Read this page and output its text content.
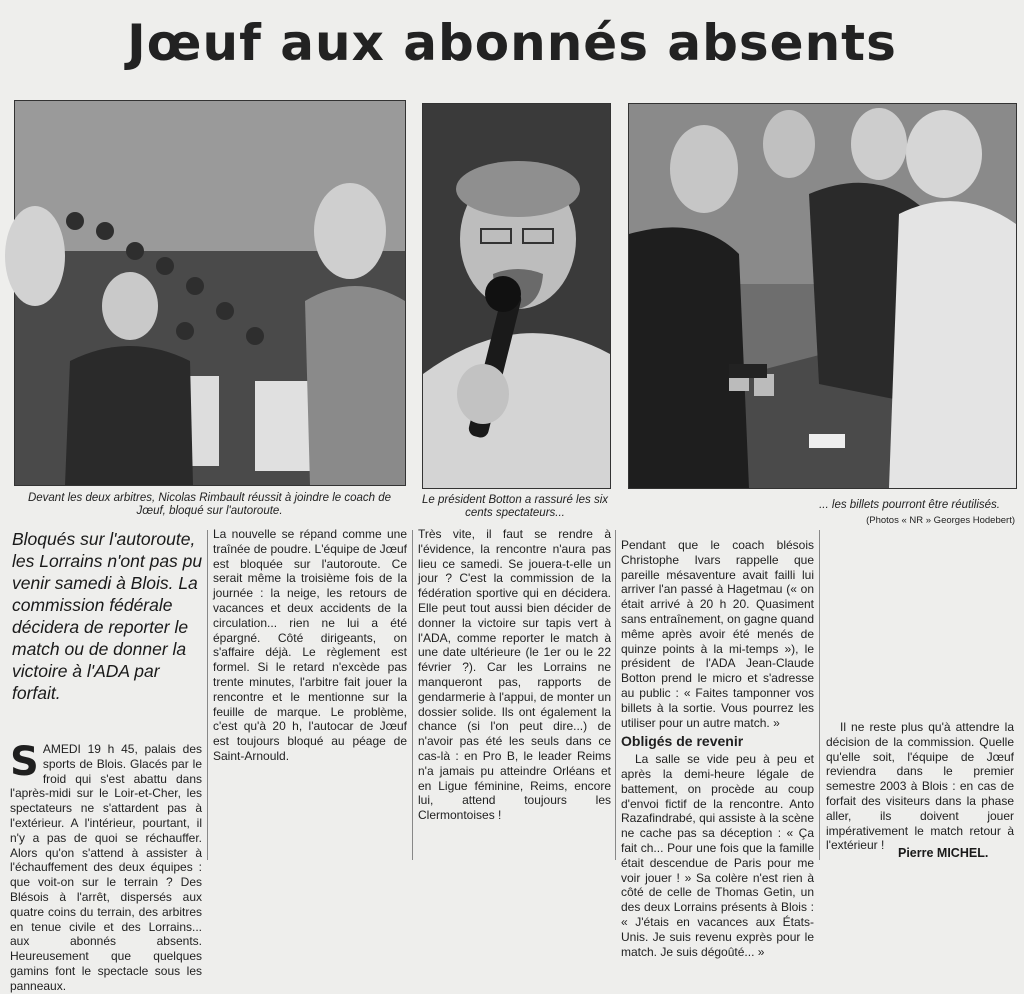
Jœuf aux abonnés absents
Devant les deux arbitres, Nicolas Rimbault réussit à joindre le coach de Jœuf, bloqué sur l'autoroute.
Le président Botton a rassuré les six cents spectateurs...
... les billets pourront être réutilisés.
(Photos « NR » Georges Hodebert)
Bloqués sur l'autoroute, les Lorrains n'ont pas pu venir samedi à Blois. La commission fédérale décidera de reporter le match ou de donner la victoire à l'ADA par forfait.
S AMEDI 19 h 45, palais des sports de Blois. Glacés par le froid qui s'est abattu dans l'après-midi sur le Loir-et-Cher, les spectateurs ne s'attardent pas à l'extérieur. A l'intérieur, pourtant, il n'y a pas de quoi se réchauffer. Alors qu'on s'attend à assister à l'échauffement des deux équipes : que voit-on sur le terrain ? Des Blésois à l'arrêt, dispersés aux quatre coins du terrain, des arbitres en tenue civile et des Lorrains... aux abonnés absents. Heureusement que quelques gamins font le spectacle sous les panneaux.

La nouvelle se répand comme une traînée de poudre. L'équipe de Jœuf est bloquée sur l'autoroute. Ce serait même la troisième fois de la journée : la neige, les retours de vacances et deux accidents de la circulation... rien ne lui a été épargné. Côté dirigeants, on s'affaire déjà. Le règlement est formel. Si le retard n'excède pas trente minutes, l'arbitre fait jouer la rencontre et le mentionne sur la feuille de marque. Le problème, c'est qu'à 20 h, l'autocar de Jœuf est toujours bloqué au péage de Saint-Arnould.

Très vite, il faut se rendre à l'évidence, la rencontre n'aura pas lieu ce samedi. Se jouera-t-elle un jour ? C'est la commission de la fédération sportive qui en décidera. Elle peut tout aussi bien décider de donner la victoire sur tapis vert à l'ADA, comme reporter le match à une date ultérieure (le 1er ou le 22 février ?). Car les Lorrains ne manqueront pas, rapports de gendarmerie à l'appui, de monter un dossier solide. Ils ont également la chance (si l'on peut dire...) de n'avoir pas été les seuls dans ce cas-là : en Pro B, le leader Reims n'a jamais pu atteindre Orléans et en Ligue féminine, Reims, encore lui, attend toujours les Clermontoises !

Pendant que le coach blésois Christophe Ivars rappelle que pareille mésaventure avait failli lui arriver l'an passé à Hagetmau (« on était arrivé à 20 h 20. Quasiment sans entraînement, on gagne quand même après avoir été menés de quinze points à la mi-temps »), le président de l'ADA Jean-Claude Botton prend le micro et s'adresse au public : « Faites tamponner vos billets à la sortie. Vous pourrez les utiliser pour un autre match. »

Obligés de revenir

La salle se vide peu à peu et après la demi-heure légale de battement, on procède au coup d'envoi fictif de la rencontre. Anto Razafindrabé, qui assiste à la scène ne cache pas sa déception : « Ça fait ch... Pour une fois que la famille était descendue de Paris pour me voir jouer ! » Sa colère n'est rien à côté de celle de Thomas Getin, un des deux Lorrains présents à Blois : « J'étais en vacances aux États-Unis. Je suis revenu exprès pour le match. Je suis dégoûté... »

Il ne reste plus qu'à attendre la décision de la commission. Quelle qu'elle soit, l'équipe de Jœuf reviendra dans le premier semestre 2003 à Blois : en cas de forfait des visiteurs dans la phase aller, ils doivent jouer impérativement le match retour à l'extérieur !

Pierre MICHEL.
